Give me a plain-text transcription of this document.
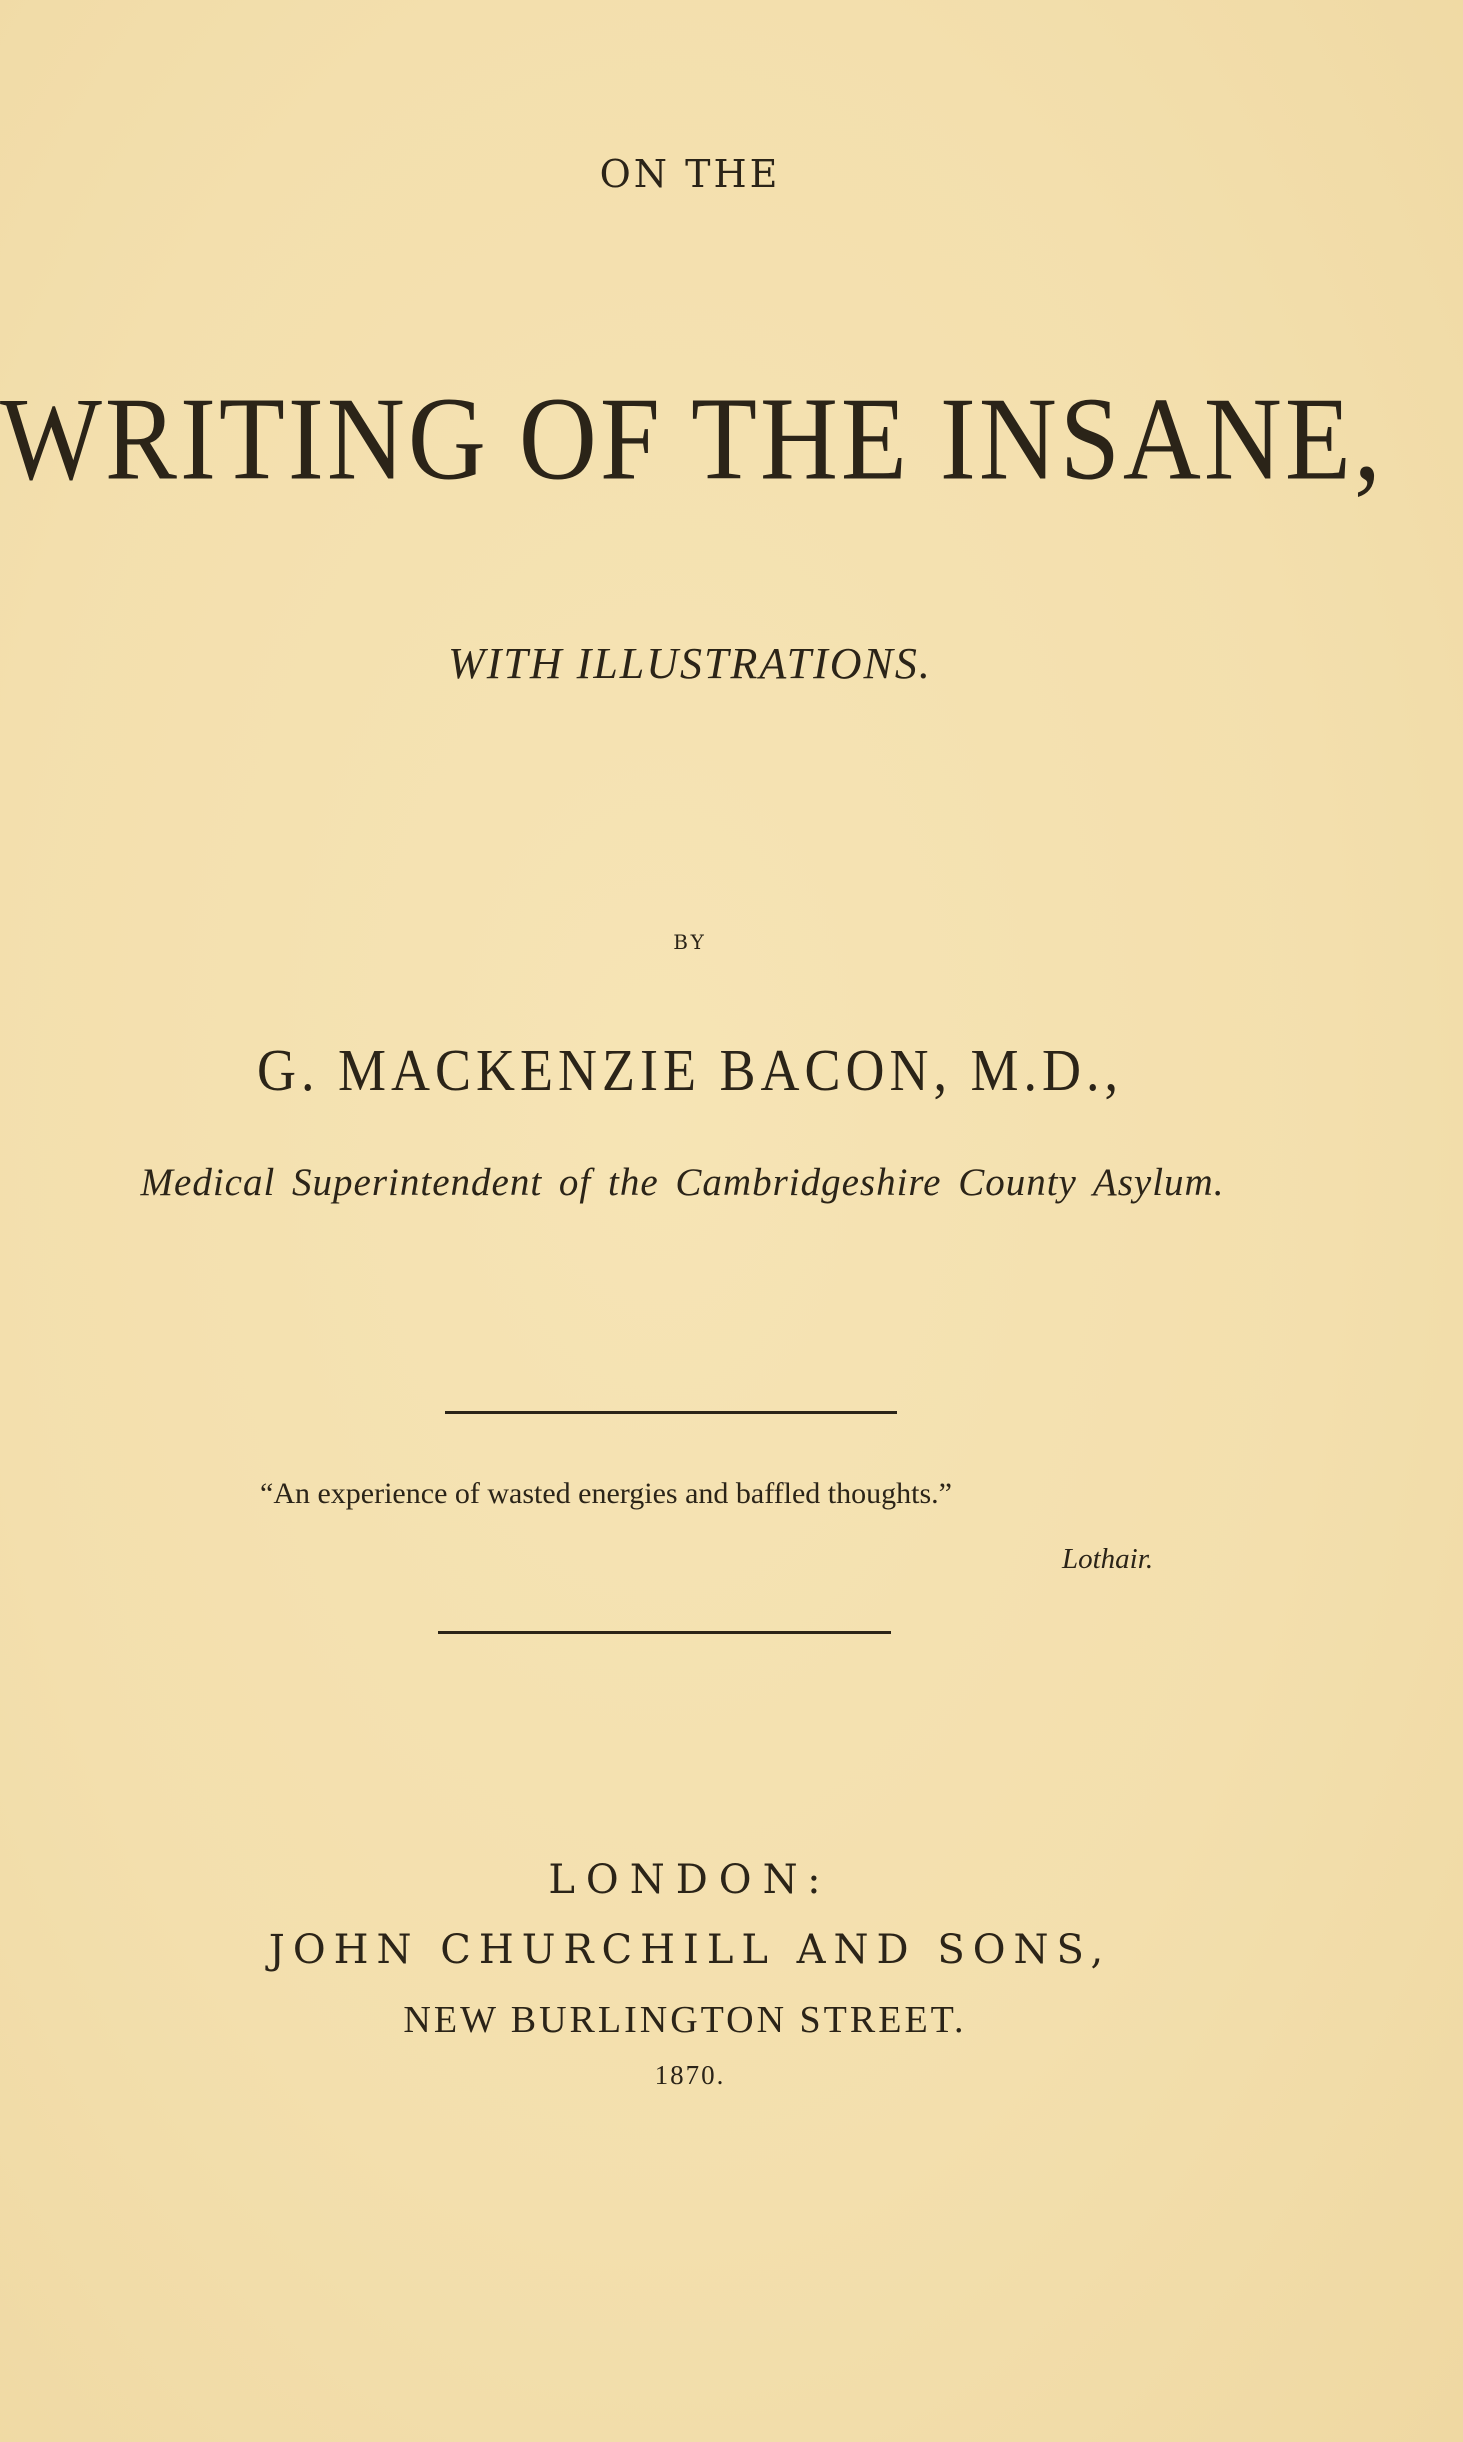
ON THE
WRITING OF THE INSANE,
WITH ILLUSTRATIONS.
BY
G. MACKENZIE BACON, M.D.,
Medical Superintendent of the Cambridgeshire County Asylum.
“An experience of wasted energies and baffled thoughts.”
Lothair.
LONDON:
JOHN CHURCHILL AND SONS,
NEW BURLINGTON STREET.
1870.
